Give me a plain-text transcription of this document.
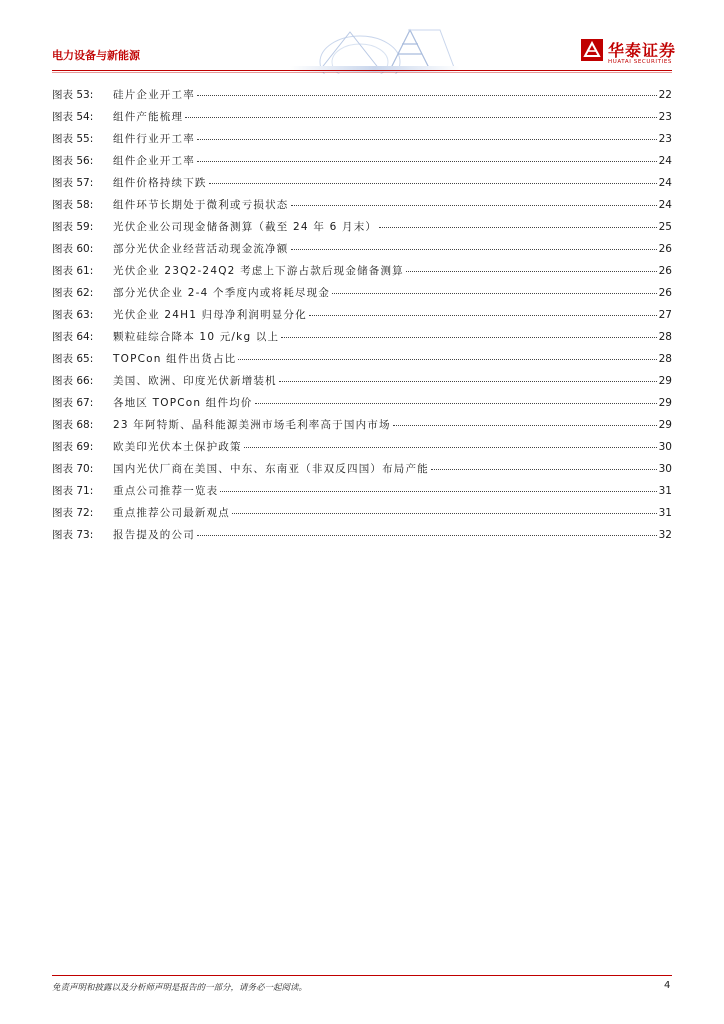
电力设备与新能源	华泰证券
HUATAI SECURITIES
图表 53:	硅片企业开工率	22
图表 54:	组件产能梳理	23
图表 55:	组件行业开工率	23
图表 56:	组件企业开工率	24
图表 57:	组件价格持续下跌	24
图表 58:	组件环节长期处于微利或亏损状态	24
图表 59:	光伏企业公司现金储备测算（截至 24 年 6 月末）	25
图表 60:	部分光伏企业经营活动现金流净额	26
图表 61:	光伏企业 23Q2-24Q2 考虑上下游占款后现金储备测算	26
图表 62:	部分光伏企业 2-4 个季度内或将耗尽现金	26
图表 63:	光伏企业 24H1 归母净利润明显分化	27
图表 64:	颗粒硅综合降本 10 元/kg 以上	28
图表 65:	TOPCon 组件出货占比	28
图表 66:	美国、欧洲、印度光伏新增装机	29
图表 67:	各地区 TOPCon 组件均价	29
图表 68:	23 年阿特斯、晶科能源美洲市场毛利率高于国内市场	29
图表 69:	欧美印光伏本土保护政策	30
图表 70:	国内光伏厂商在美国、中东、东南亚（非双反四国）布局产能	30
图表 71:	重点公司推荐一览表	31
图表 72:	重点推荐公司最新观点	31
图表 73:	报告提及的公司	32
免责声明和披露以及分析师声明是报告的一部分，请务必一起阅读。	4
